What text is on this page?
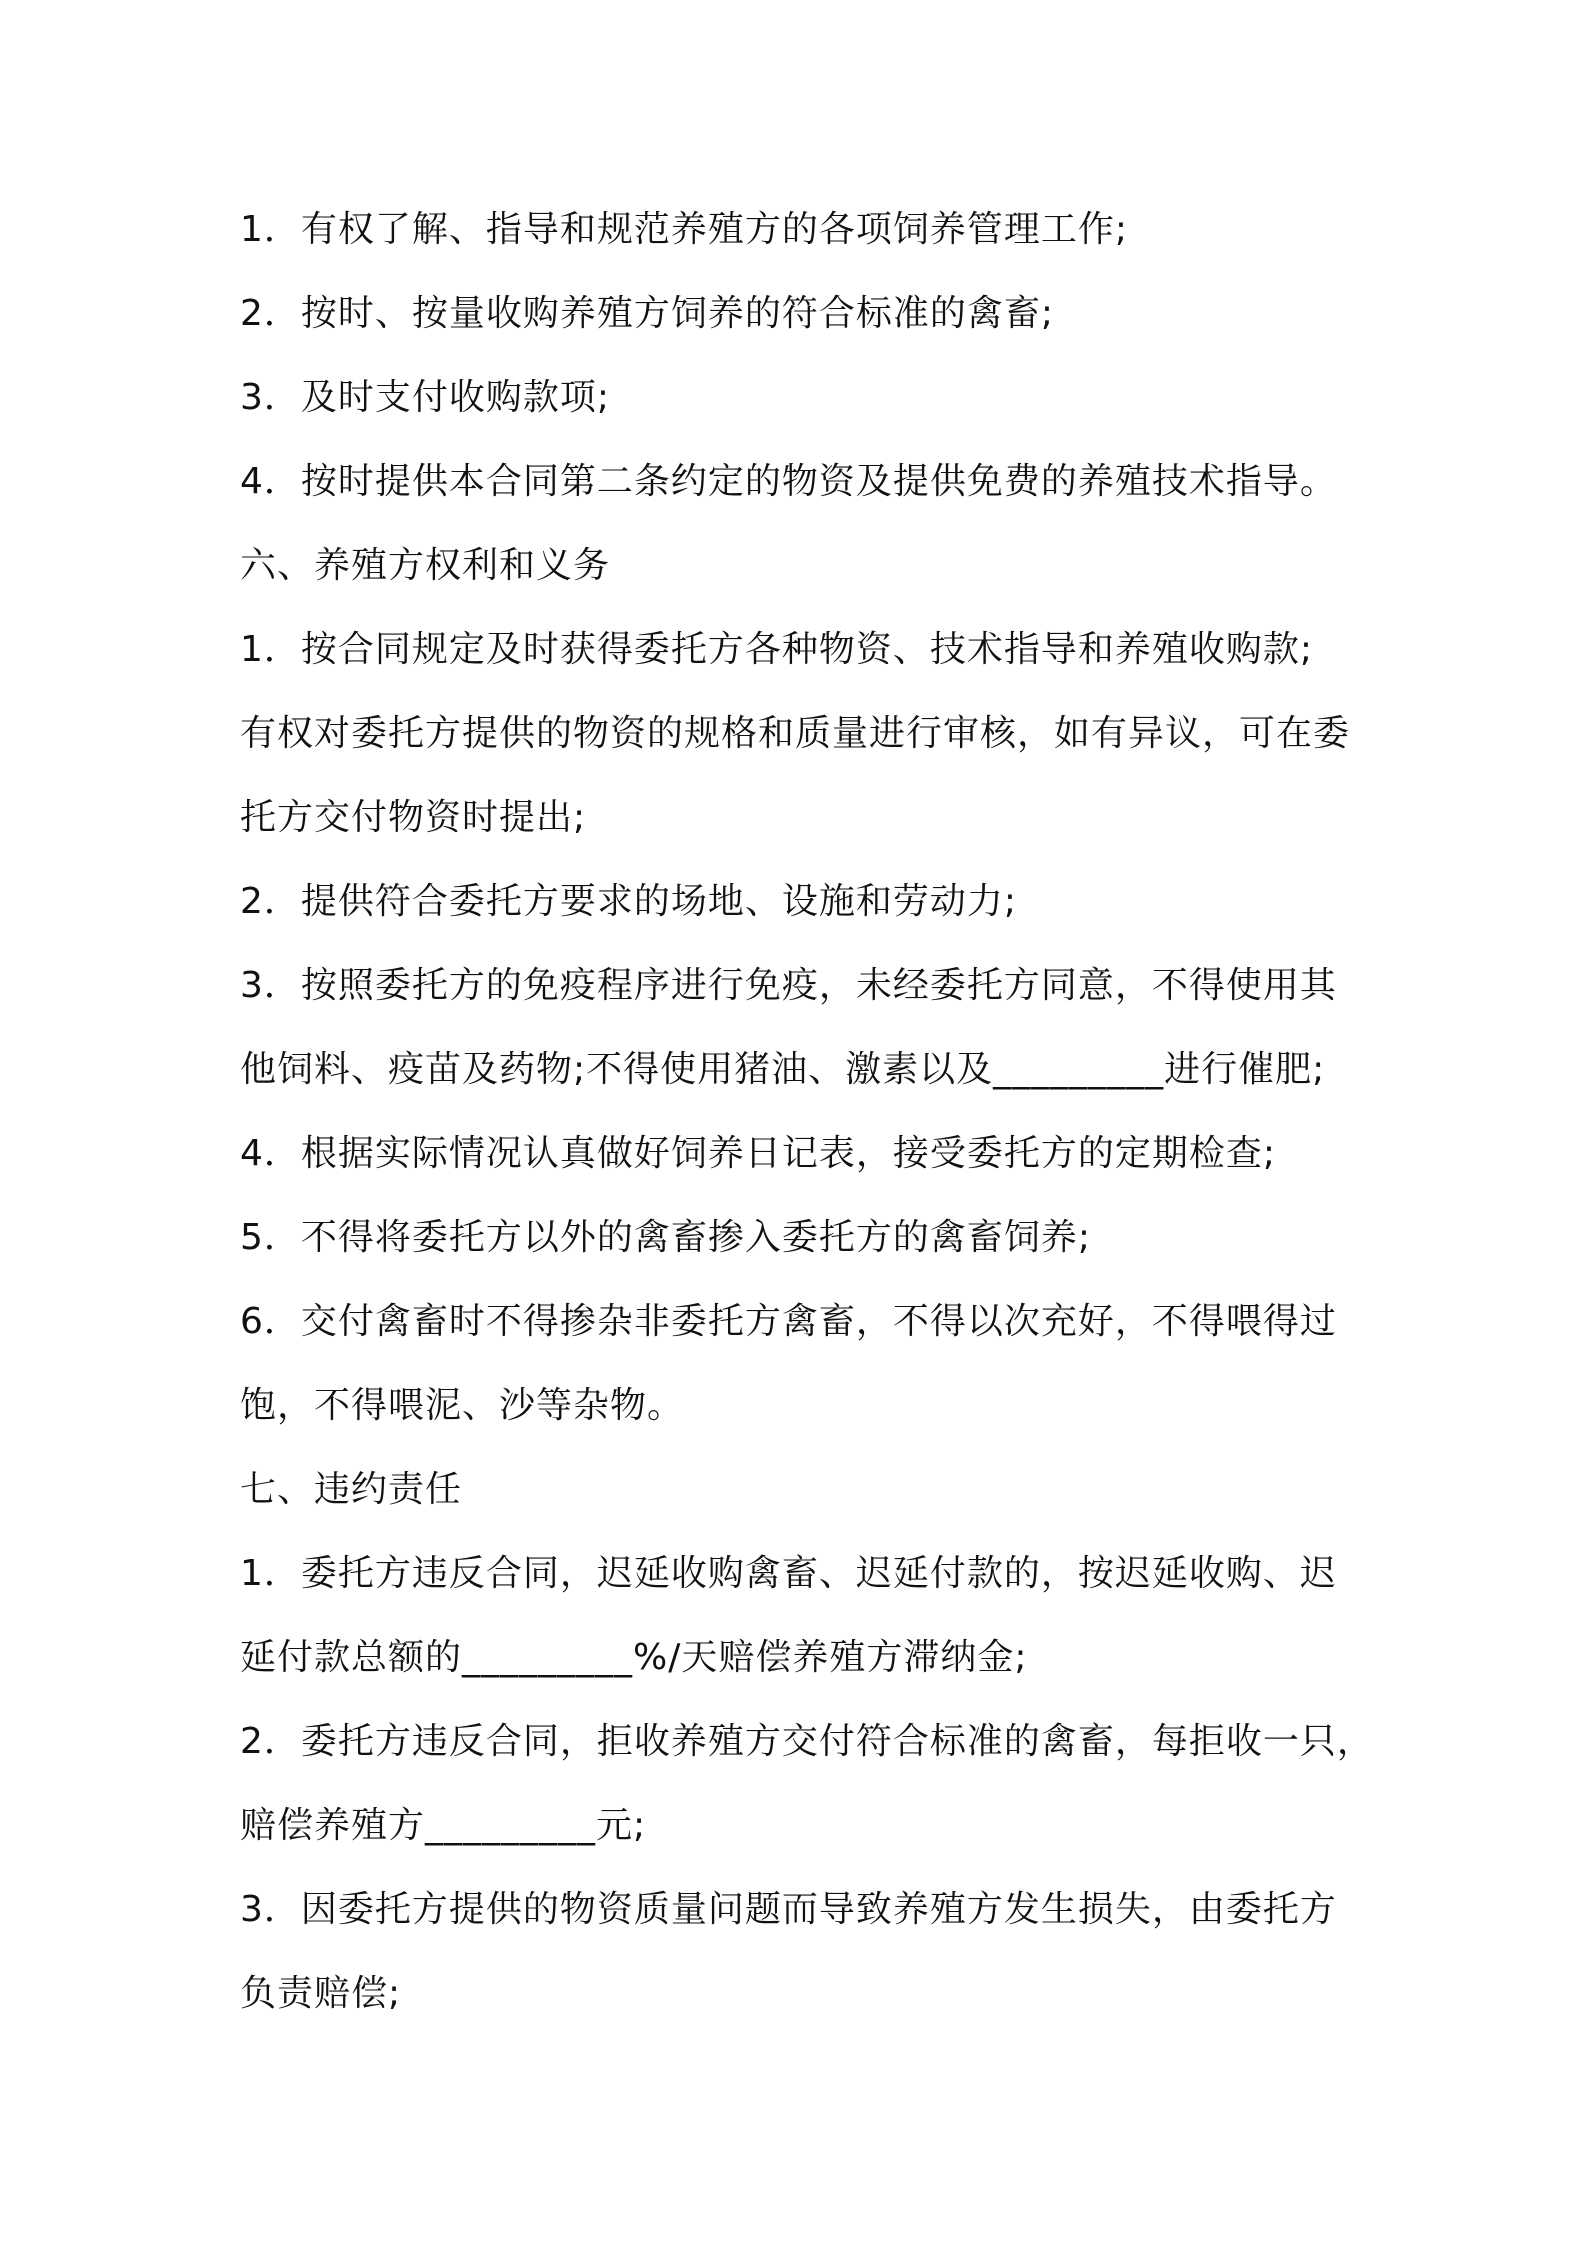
1．有权了解、指导和规范养殖方的各项饲养管理工作;
2．按时、按量收购养殖方饲养的符合标准的禽畜;
3．及时支付收购款项;
4．按时提供本合同第二条约定的物资及提供免费的养殖技术指导。
六、养殖方权利和义务
1．按合同规定及时获得委托方各种物资、技术指导和养殖收购款;
有权对委托方提供的物资的规格和质量进行审核，如有异议，可在委
托方交付物资时提出;
2．提供符合委托方要求的场地、设施和劳动力;
3．按照委托方的免疫程序进行免疫，未经委托方同意，不得使用其
他饲料、疫苗及药物;不得使用猪油、激素以及_________进行催肥;
4．根据实际情况认真做好饲养日记表，接受委托方的定期检查;
5．不得将委托方以外的禽畜掺入委托方的禽畜饲养;
6．交付禽畜时不得掺杂非委托方禽畜，不得以次充好，不得喂得过
饱，不得喂泥、沙等杂物。
七、违约责任
1．委托方违反合同，迟延收购禽畜、迟延付款的，按迟延收购、迟
延付款总额的_________%/天赔偿养殖方滞纳金;
2．委托方违反合同，拒收养殖方交付符合标准的禽畜，每拒收一只，
赔偿养殖方_________元;
3．因委托方提供的物资质量问题而导致养殖方发生损失，由委托方
负责赔偿;
